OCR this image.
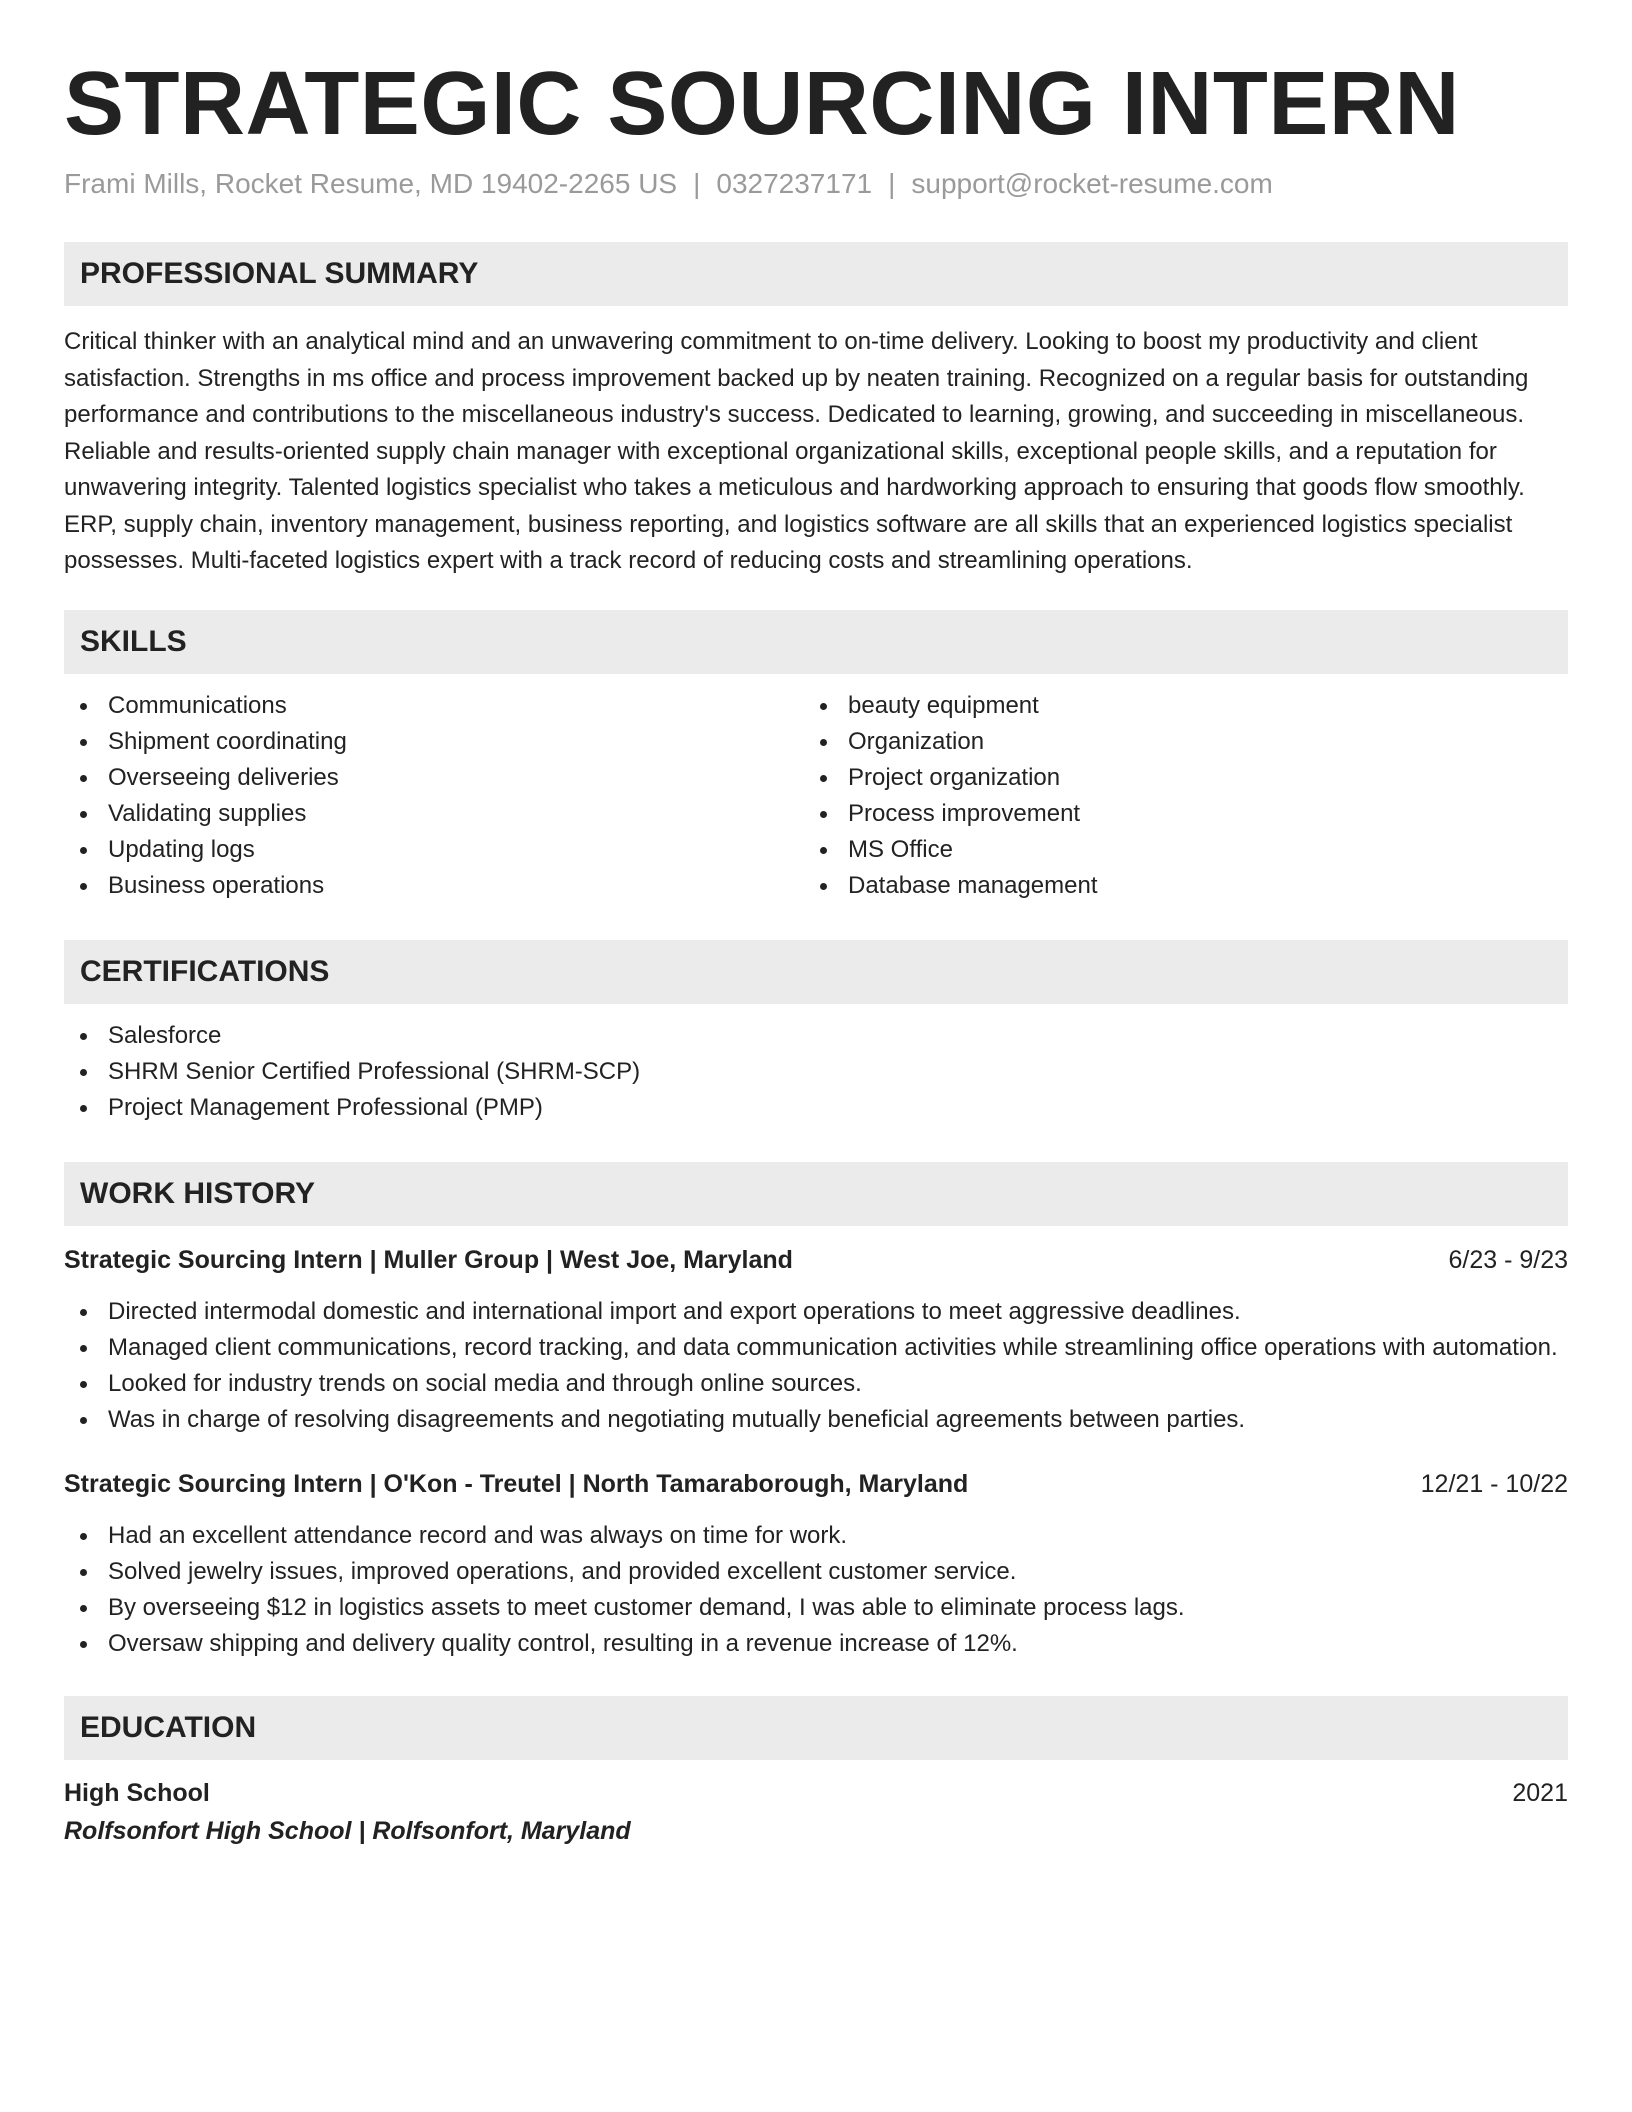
STRATEGIC SOURCING INTERN
Frami Mills, Rocket Resume, MD 19402-2265 US | 0327237171 | support@rocket-resume.com
PROFESSIONAL SUMMARY

Critical thinker with an analytical mind and an unwavering commitment to on-time delivery. Looking to boost my productivity and client satisfaction. Strengths in ms office and process improvement backed up by neaten training. Recognized on a regular basis for outstanding performance and contributions to the miscellaneous industry's success. Dedicated to learning, growing, and succeeding in miscellaneous. Reliable and results-oriented supply chain manager with exceptional organizational skills, exceptional people skills, and a reputation for unwavering integrity. Talented logistics specialist who takes a meticulous and hardworking approach to ensuring that goods flow smoothly. ERP, supply chain, inventory management, business reporting, and logistics software are all skills that an experienced logistics specialist possesses. Multi-faceted logistics expert with a track record of reducing costs and streamlining operations.

SKILLS
Communications
Shipment coordinating
Overseeing deliveries
Validating supplies
Updating logs
Business operations
beauty equipment
Organization
Project organization
Process improvement
MS Office
Database management
CERTIFICATIONS
Salesforce
SHRM Senior Certified Professional (SHRM-SCP)
Project Management Professional (PMP)
WORK HISTORY
Strategic Sourcing Intern | Muller Group | West Joe, Maryland	6/23 - 9/23
Directed intermodal domestic and international import and export operations to meet aggressive deadlines.
Managed client communications, record tracking, and data communication activities while streamlining office operations with automation.
Looked for industry trends on social media and through online sources.
Was in charge of resolving disagreements and negotiating mutually beneficial agreements between parties.
Strategic Sourcing Intern | O'Kon - Treutel | North Tamaraborough, Maryland	12/21 - 10/22
Had an excellent attendance record and was always on time for work.
Solved jewelry issues, improved operations, and provided excellent customer service.
By overseeing $12 in logistics assets to meet customer demand, I was able to eliminate process lags.
Oversaw shipping and delivery quality control, resulting in a revenue increase of 12%.
EDUCATION
High School	2021
Rolfsonfort High School | Rolfsonfort, Maryland
